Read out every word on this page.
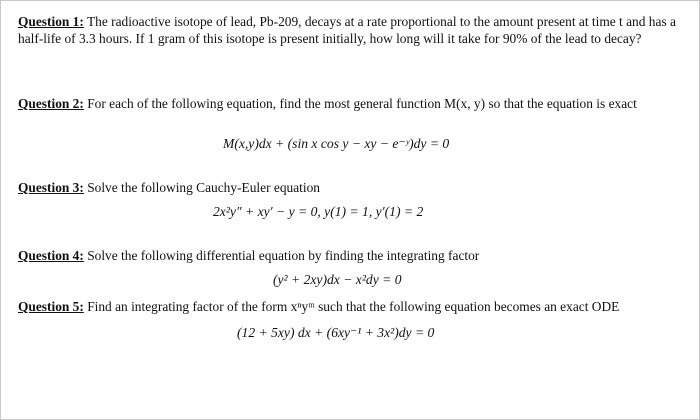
Question 1: The radioactive isotope of lead, Pb-209, decays at a rate proportional to the amount present at time t and has a half-life of 3.3 hours. If 1 gram of this isotope is present initially, how long will it take for 90% of the lead to decay?
Question 2: For each of the following equation, find the most general function M(x, y) so that the equation is exact
M(x,y)dx + (sin x cos y − xy − e⁻ʸ)dy = 0
Question 3: Solve the following Cauchy-Euler equation
2x²y″ + xy′ − y = 0, y(1) = 1, y′(1) = 2
Question 4: Solve the following differential equation by finding the integrating factor
(y² + 2xy)dx − x²dy = 0
Question 5: Find an integrating factor of the form xⁿyᵐ such that the following equation becomes an exact ODE
(12 + 5xy) dx + (6xy⁻¹ + 3x²)dy = 0
